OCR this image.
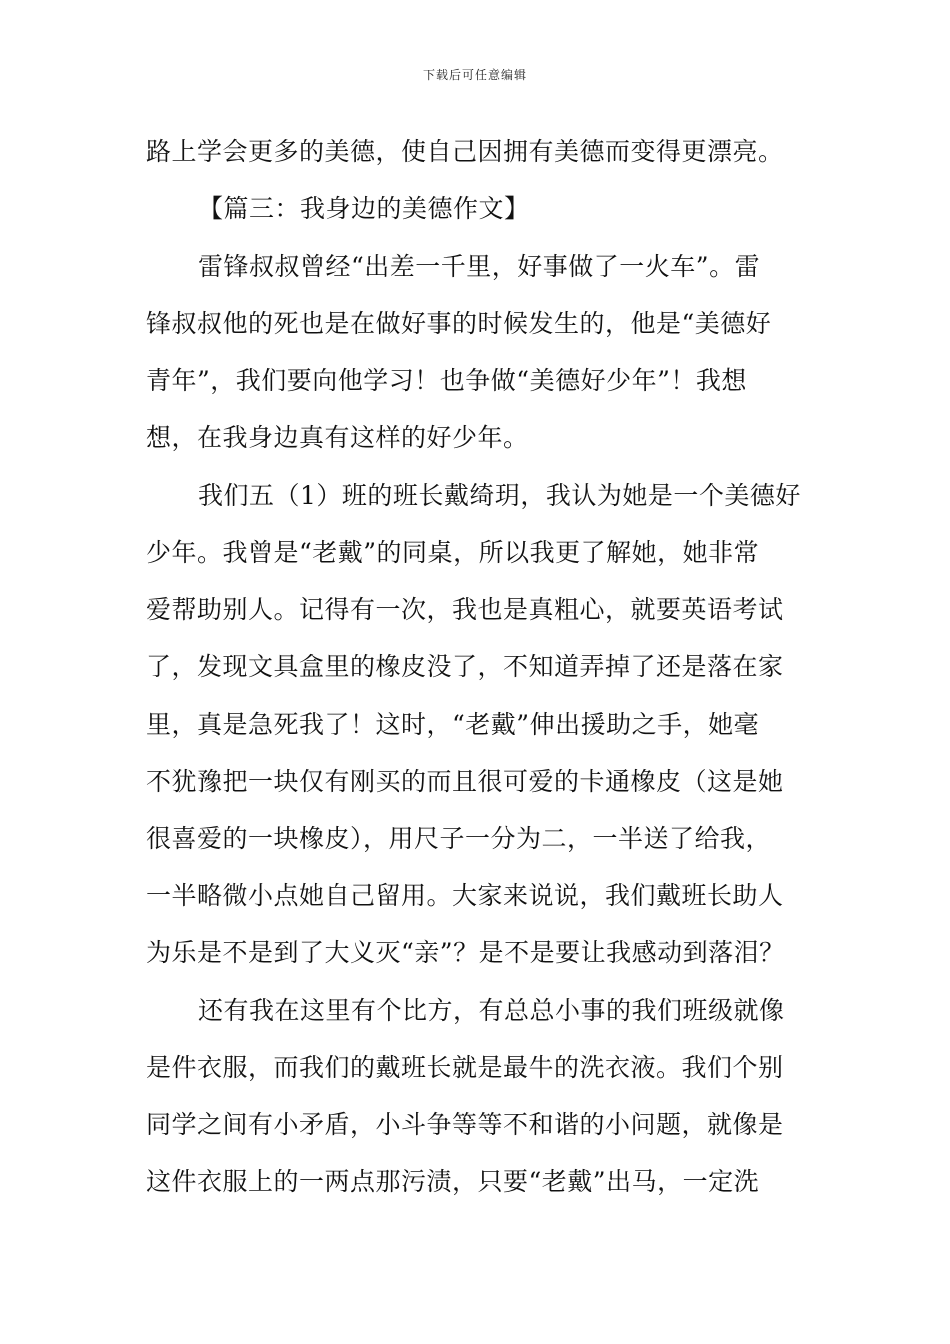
下载后可任意编辑
路上学会更多的美德，使自己因拥有美德而变得更漂亮。
【篇三：我身边的美德作文】
雷锋叔叔曾经“出差一千里，好事做了一火车”。雷
锋叔叔他的死也是在做好事的时候发生的，他是“美德好
青年”，我们要向他学习！也争做“美德好少年”！我想
想，在我身边真有这样的好少年。
我们五（1）班的班长戴绮玥，我认为她是一个美德好
少年。我曾是“老戴”的同桌，所以我更了解她，她非常
爱帮助别人。记得有一次，我也是真粗心，就要英语考试
了，发现文具盒里的橡皮没了，不知道弄掉了还是落在家
里，真是急死我了！这时，“老戴”伸出援助之手，她毫
不犹豫把一块仅有刚买的而且很可爱的卡通橡皮（这是她
很喜爱的一块橡皮），用尺子一分为二，一半送了给我，
一半略微小点她自己留用。大家来说说，我们戴班长助人
为乐是不是到了大义灭“亲”？是不是要让我感动到落泪？
还有我在这里有个比方，有总总小事的我们班级就像
是件衣服，而我们的戴班长就是最牛的洗衣液。我们个别
同学之间有小矛盾，小斗争等等不和谐的小问题，就像是
这件衣服上的一两点那污渍，只要“老戴”出马，一定洗
